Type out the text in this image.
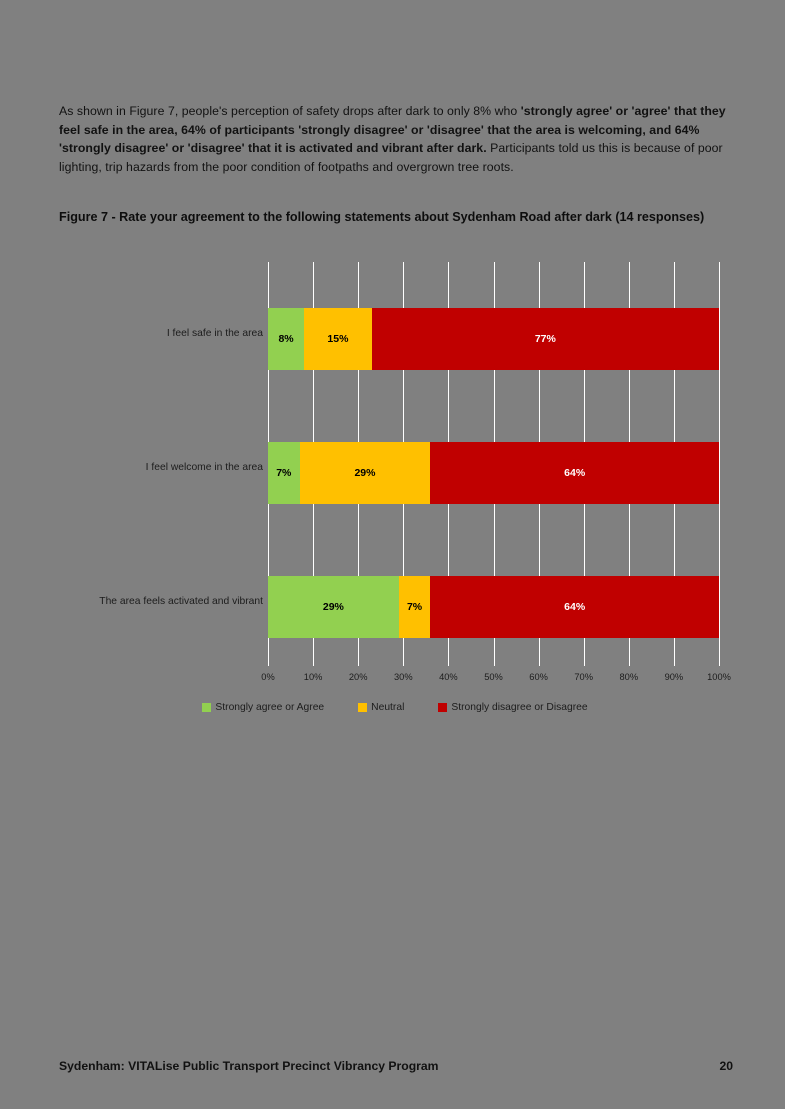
As shown in Figure 7, people's perception of safety drops after dark to only 8% who 'strongly agree' or 'agree' that they feel safe in the area, 64% of participants 'strongly disagree' or 'disagree' that the area is welcoming, and 64% 'strongly disagree' or 'disagree' that it is activated and vibrant after dark. Participants told us this is because of poor lighting, trip hazards from the poor condition of footpaths and overgrown tree roots.

Figure 7 - Rate your agreement to the following statements about Sydenham Road after dark (14 responses)
8%	15%	77%
7%	29%	64%
29%	7%	64%
0%	10%	20%	30%	40%	50%	60%	70%	80%	90%	100%
Strongly agree or Agree	Neutral	Strongly disagree or Disagree
I feel safe in the area
I feel welcome in the area
The area feels activated and vibrant
Sydenham: VITALise Public Transport Precinct Vibrancy Program	20
